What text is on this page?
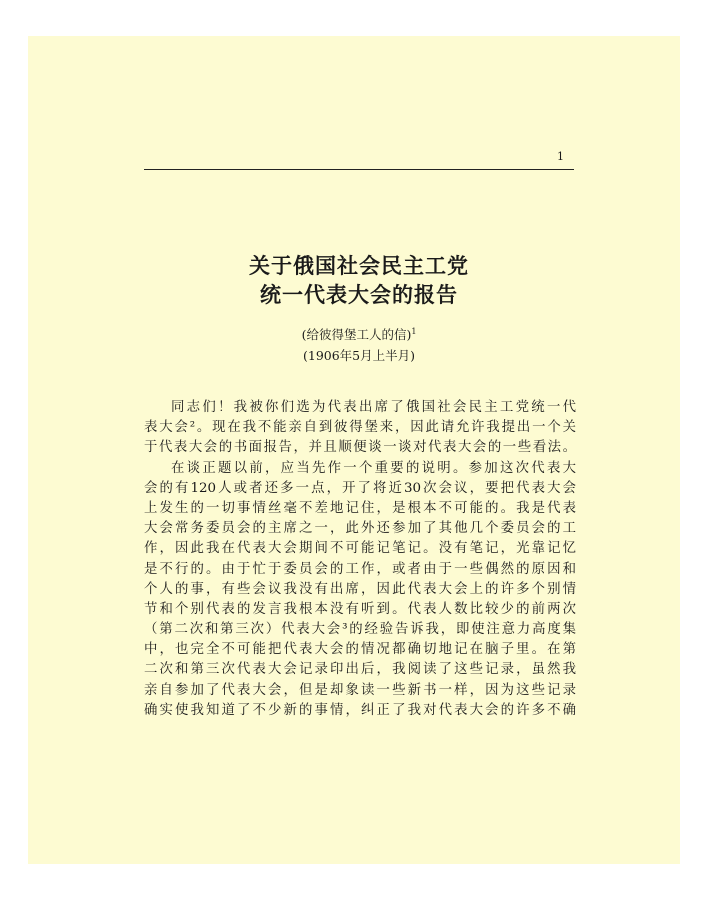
1
关于俄国社会民主工党
统一代表大会的报告
(给彼得堡工人的信)$^1$
(1906年5月上半月)
同志们！我被你们选为代表出席了俄国社会民主工党统一代
表大会²。现在我不能亲自到彼得堡来，因此请允许我提出一个关
于代表大会的书面报告，并且顺便谈一谈对代表大会的一些看法。
在谈正题以前，应当先作一个重要的说明。参加这次代表大
会的有120人或者还多一点，开了将近30次会议，要把代表大会
上发生的一切事情丝毫不差地记住，是根本不可能的。我是代表
大会常务委员会的主席之一，此外还参加了其他几个委员会的工
作，因此我在代表大会期间不可能记笔记。没有笔记，光靠记忆
是不行的。由于忙于委员会的工作，或者由于一些偶然的原因和
个人的事，有些会议我没有出席，因此代表大会上的许多个别情
节和个别代表的发言我根本没有听到。代表人数比较少的前两次
（第二次和第三次）代表大会³的经验告诉我，即使注意力高度集
中，也完全不可能把代表大会的情况都确切地记在脑子里。在第
二次和第三次代表大会记录印出后，我阅读了这些记录，虽然我
亲自参加了代表大会，但是却象读一些新书一样，因为这些记录
确实使我知道了不少新的事情，纠正了我对代表大会的许多不确
